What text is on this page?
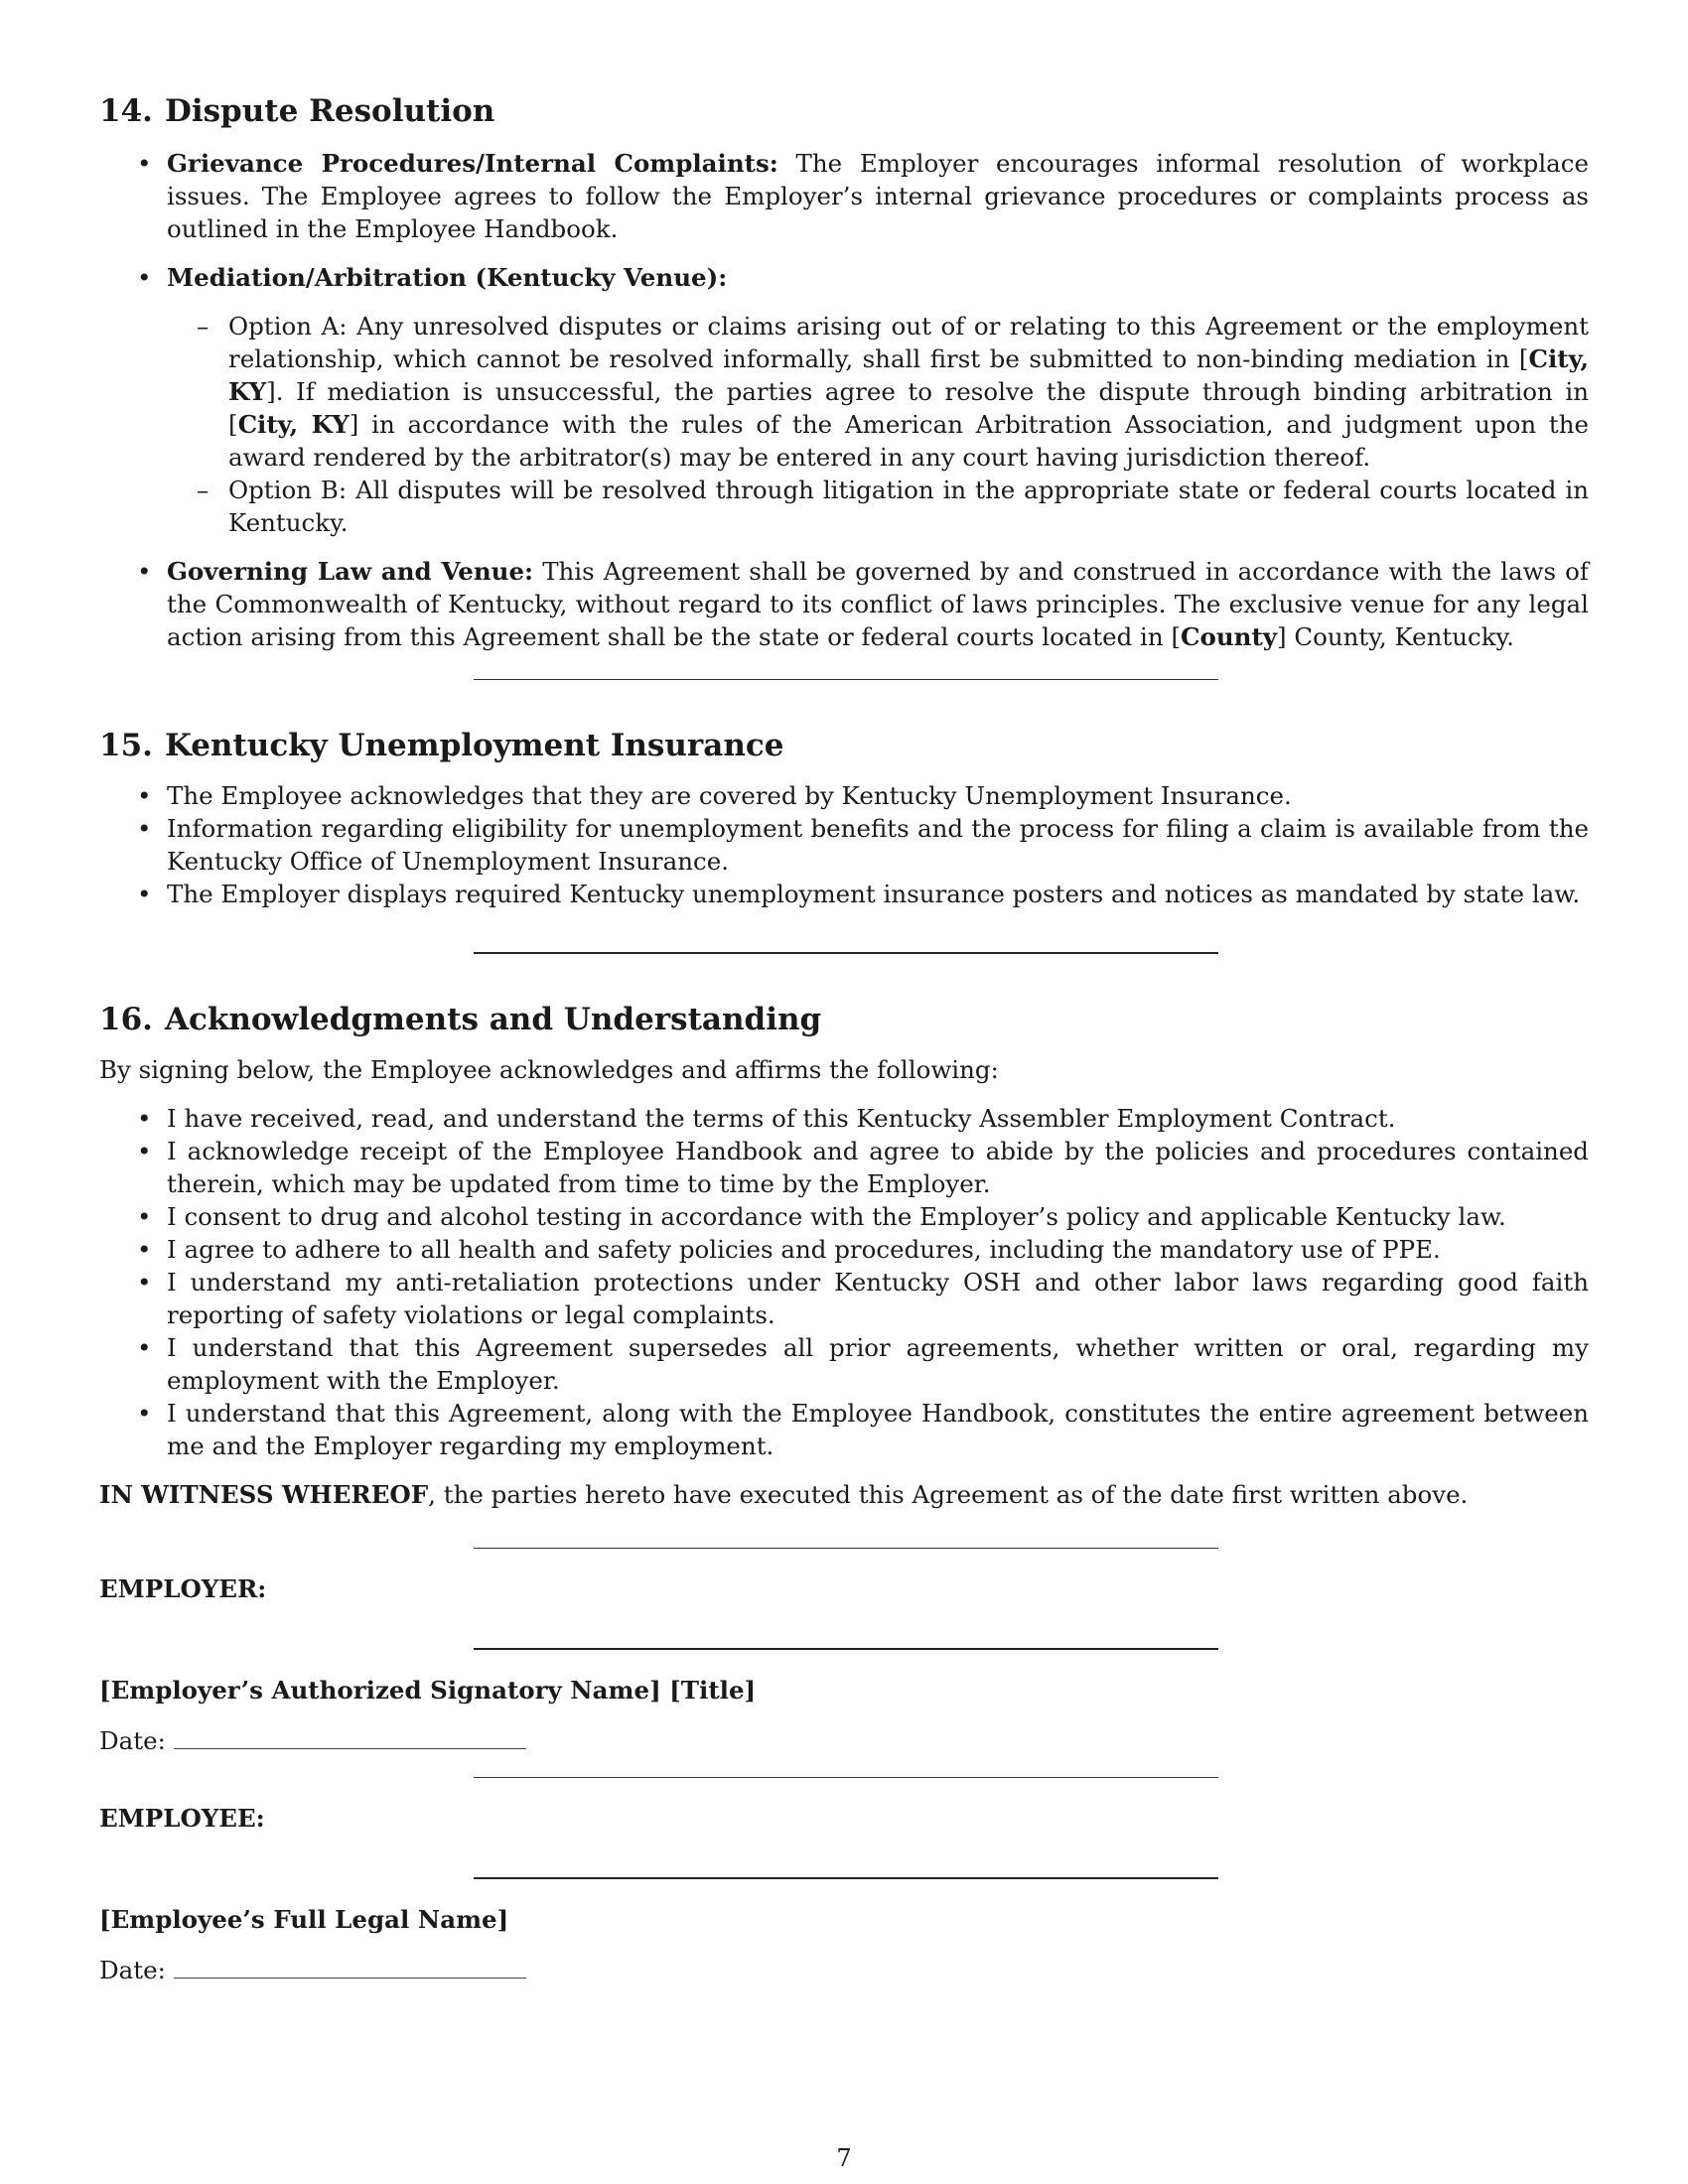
14. Dispute Resolution
• Grievance Procedures/Internal Complaints: The Employer encourages informal resolution of workplace issues. The Employee agrees to follow the Employer’s internal grievance procedures or complaints process as outlined in the Employee Handbook.
• Mediation/Arbitration (Kentucky Venue):
– Option A: Any unresolved disputes or claims arising out of or relating to this Agreement or the employment relationship, which cannot be resolved informally, shall first be submitted to non-binding mediation in [City, KY]. If mediation is unsuccessful, the parties agree to resolve the dispute through binding arbitration in [City, KY] in accordance with the rules of the American Arbitration Association, and judgment upon the award rendered by the arbitrator(s) may be entered in any court having jurisdiction thereof.
– Option B: All disputes will be resolved through litigation in the appropriate state or federal courts located in Kentucky.
• Governing Law and Venue: This Agreement shall be governed by and construed in accordance with the laws of the Commonwealth of Kentucky, without regard to its conflict of laws principles. The exclusive venue for any legal action arising from this Agreement shall be the state or federal courts located in [County] County, Kentucky.
15. Kentucky Unemployment Insurance
• The Employee acknowledges that they are covered by Kentucky Unemployment Insurance.
• Information regarding eligibility for unemployment benefits and the process for filing a claim is available from the Kentucky Office of Unemployment Insurance.
• The Employer displays required Kentucky unemployment insurance posters and notices as mandated by state law.
16. Acknowledgments and Understanding

By signing below, the Employee acknowledges and affirms the following:

• I have received, read, and understand the terms of this Kentucky Assembler Employment Contract.
• I acknowledge receipt of the Employee Handbook and agree to abide by the policies and procedures contained therein, which may be updated from time to time by the Employer.
• I consent to drug and alcohol testing in accordance with the Employer’s policy and applicable Kentucky law.
• I agree to adhere to all health and safety policies and procedures, including the mandatory use of PPE.
• I understand my anti-retaliation protections under Kentucky OSH and other labor laws regarding good faith reporting of safety violations or legal complaints.
• I understand that this Agreement supersedes all prior agreements, whether written or oral, regarding my employment with the Employer.
• I understand that this Agreement, along with the Employee Handbook, constitutes the entire agreement between me and the Employer regarding my employment.

IN WITNESS WHEREOF, the parties hereto have executed this Agreement as of the date first written above.

EMPLOYER:
[Employer’s Authorized Signatory Name] [Title]
Date:
EMPLOYEE:
[Employee’s Full Legal Name]
Date:
7
